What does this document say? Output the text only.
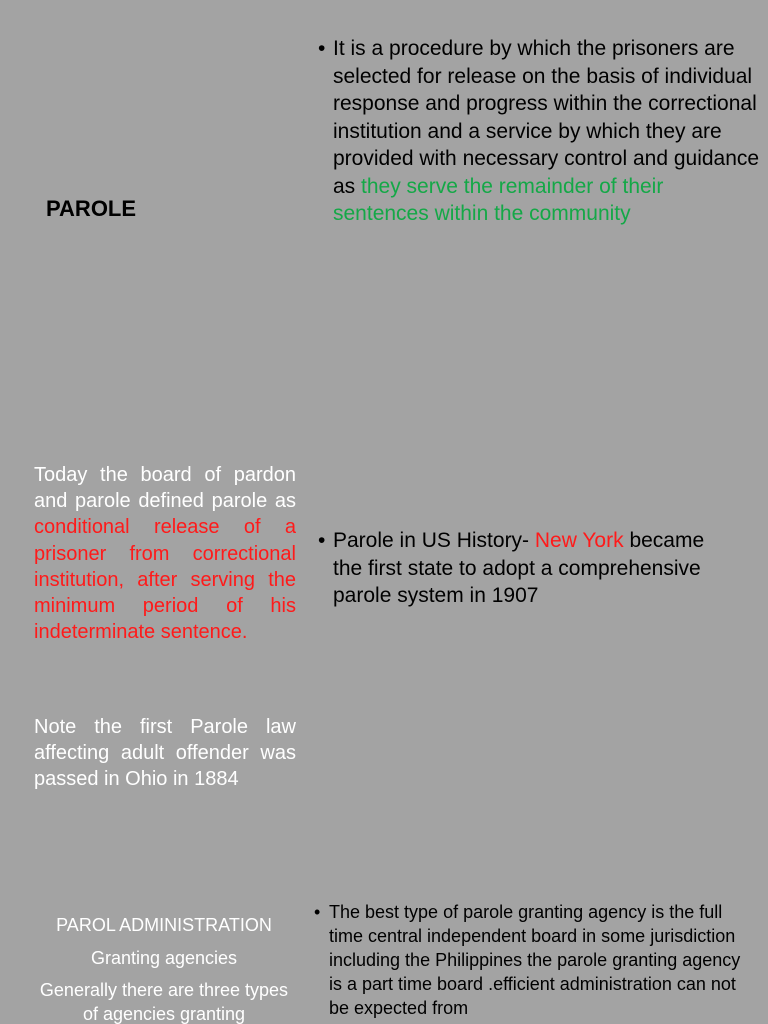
PAROLE
• It is a procedure by which the prisoners are selected for release on the basis of individual response and progress within the correctional institution and a service by which they are provided with necessary control and guidance as they serve the remainder of their sentences within the community
Today the board of pardon and parole defined parole as conditional release of a prisoner from correctional institution, after serving the minimum period of his indeterminate sentence.
Note the first Parole law affecting adult offender was passed in Ohio in 1884
• Parole in US History- New York became the first state to adopt a comprehensive parole system in 1907
PAROL ADMINISTRATION
Granting agencies
Generally there are three types of agencies granting
• The best type of parole granting agency is the full time central independent board in some jurisdiction including the Philippines the parole granting agency is a part time board .efficient administration can not be expected from
